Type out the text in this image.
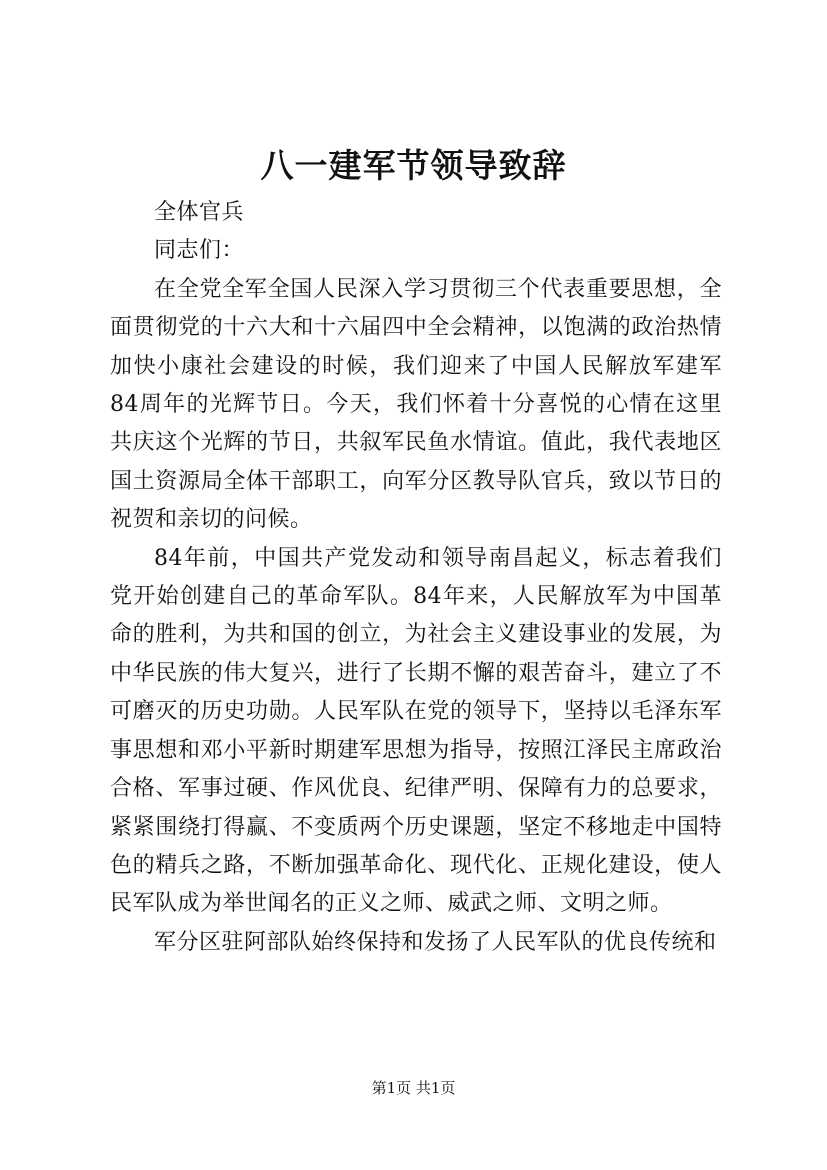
八一建军节领导致辞

全体官兵

同志们：

在全党全军全国人民深入学习贯彻三个代表重要思想，全面贯彻党的十六大和十六届四中全会精神，以饱满的政治热情加快小康社会建设的时候，我们迎来了中国人民解放军建军84周年的光辉节日。今天，我们怀着十分喜悦的心情在这里共庆这个光辉的节日，共叙军民鱼水情谊。值此，我代表地区国土资源局全体干部职工，向军分区教导队官兵，致以节日的祝贺和亲切的问候。

84年前，中国共产党发动和领导南昌起义，标志着我们党开始创建自己的革命军队。84年来，人民解放军为中国革命的胜利，为共和国的创立，为社会主义建设事业的发展，为中华民族的伟大复兴，进行了长期不懈的艰苦奋斗，建立了不可磨灭的历史功勋。人民军队在党的领导下，坚持以毛泽东军事思想和邓小平新时期建军思想为指导，按照江泽民主席政治合格、军事过硬、作风优良、纪律严明、保障有力的总要求，紧紧围绕打得赢、不变质两个历史课题，坚定不移地走中国特色的精兵之路，不断加强革命化、现代化、正规化建设，使人民军队成为举世闻名的正义之师、威武之师、文明之师。

军分区驻阿部队始终保持和发扬了人民军队的优良传统和

第1页 共1页
